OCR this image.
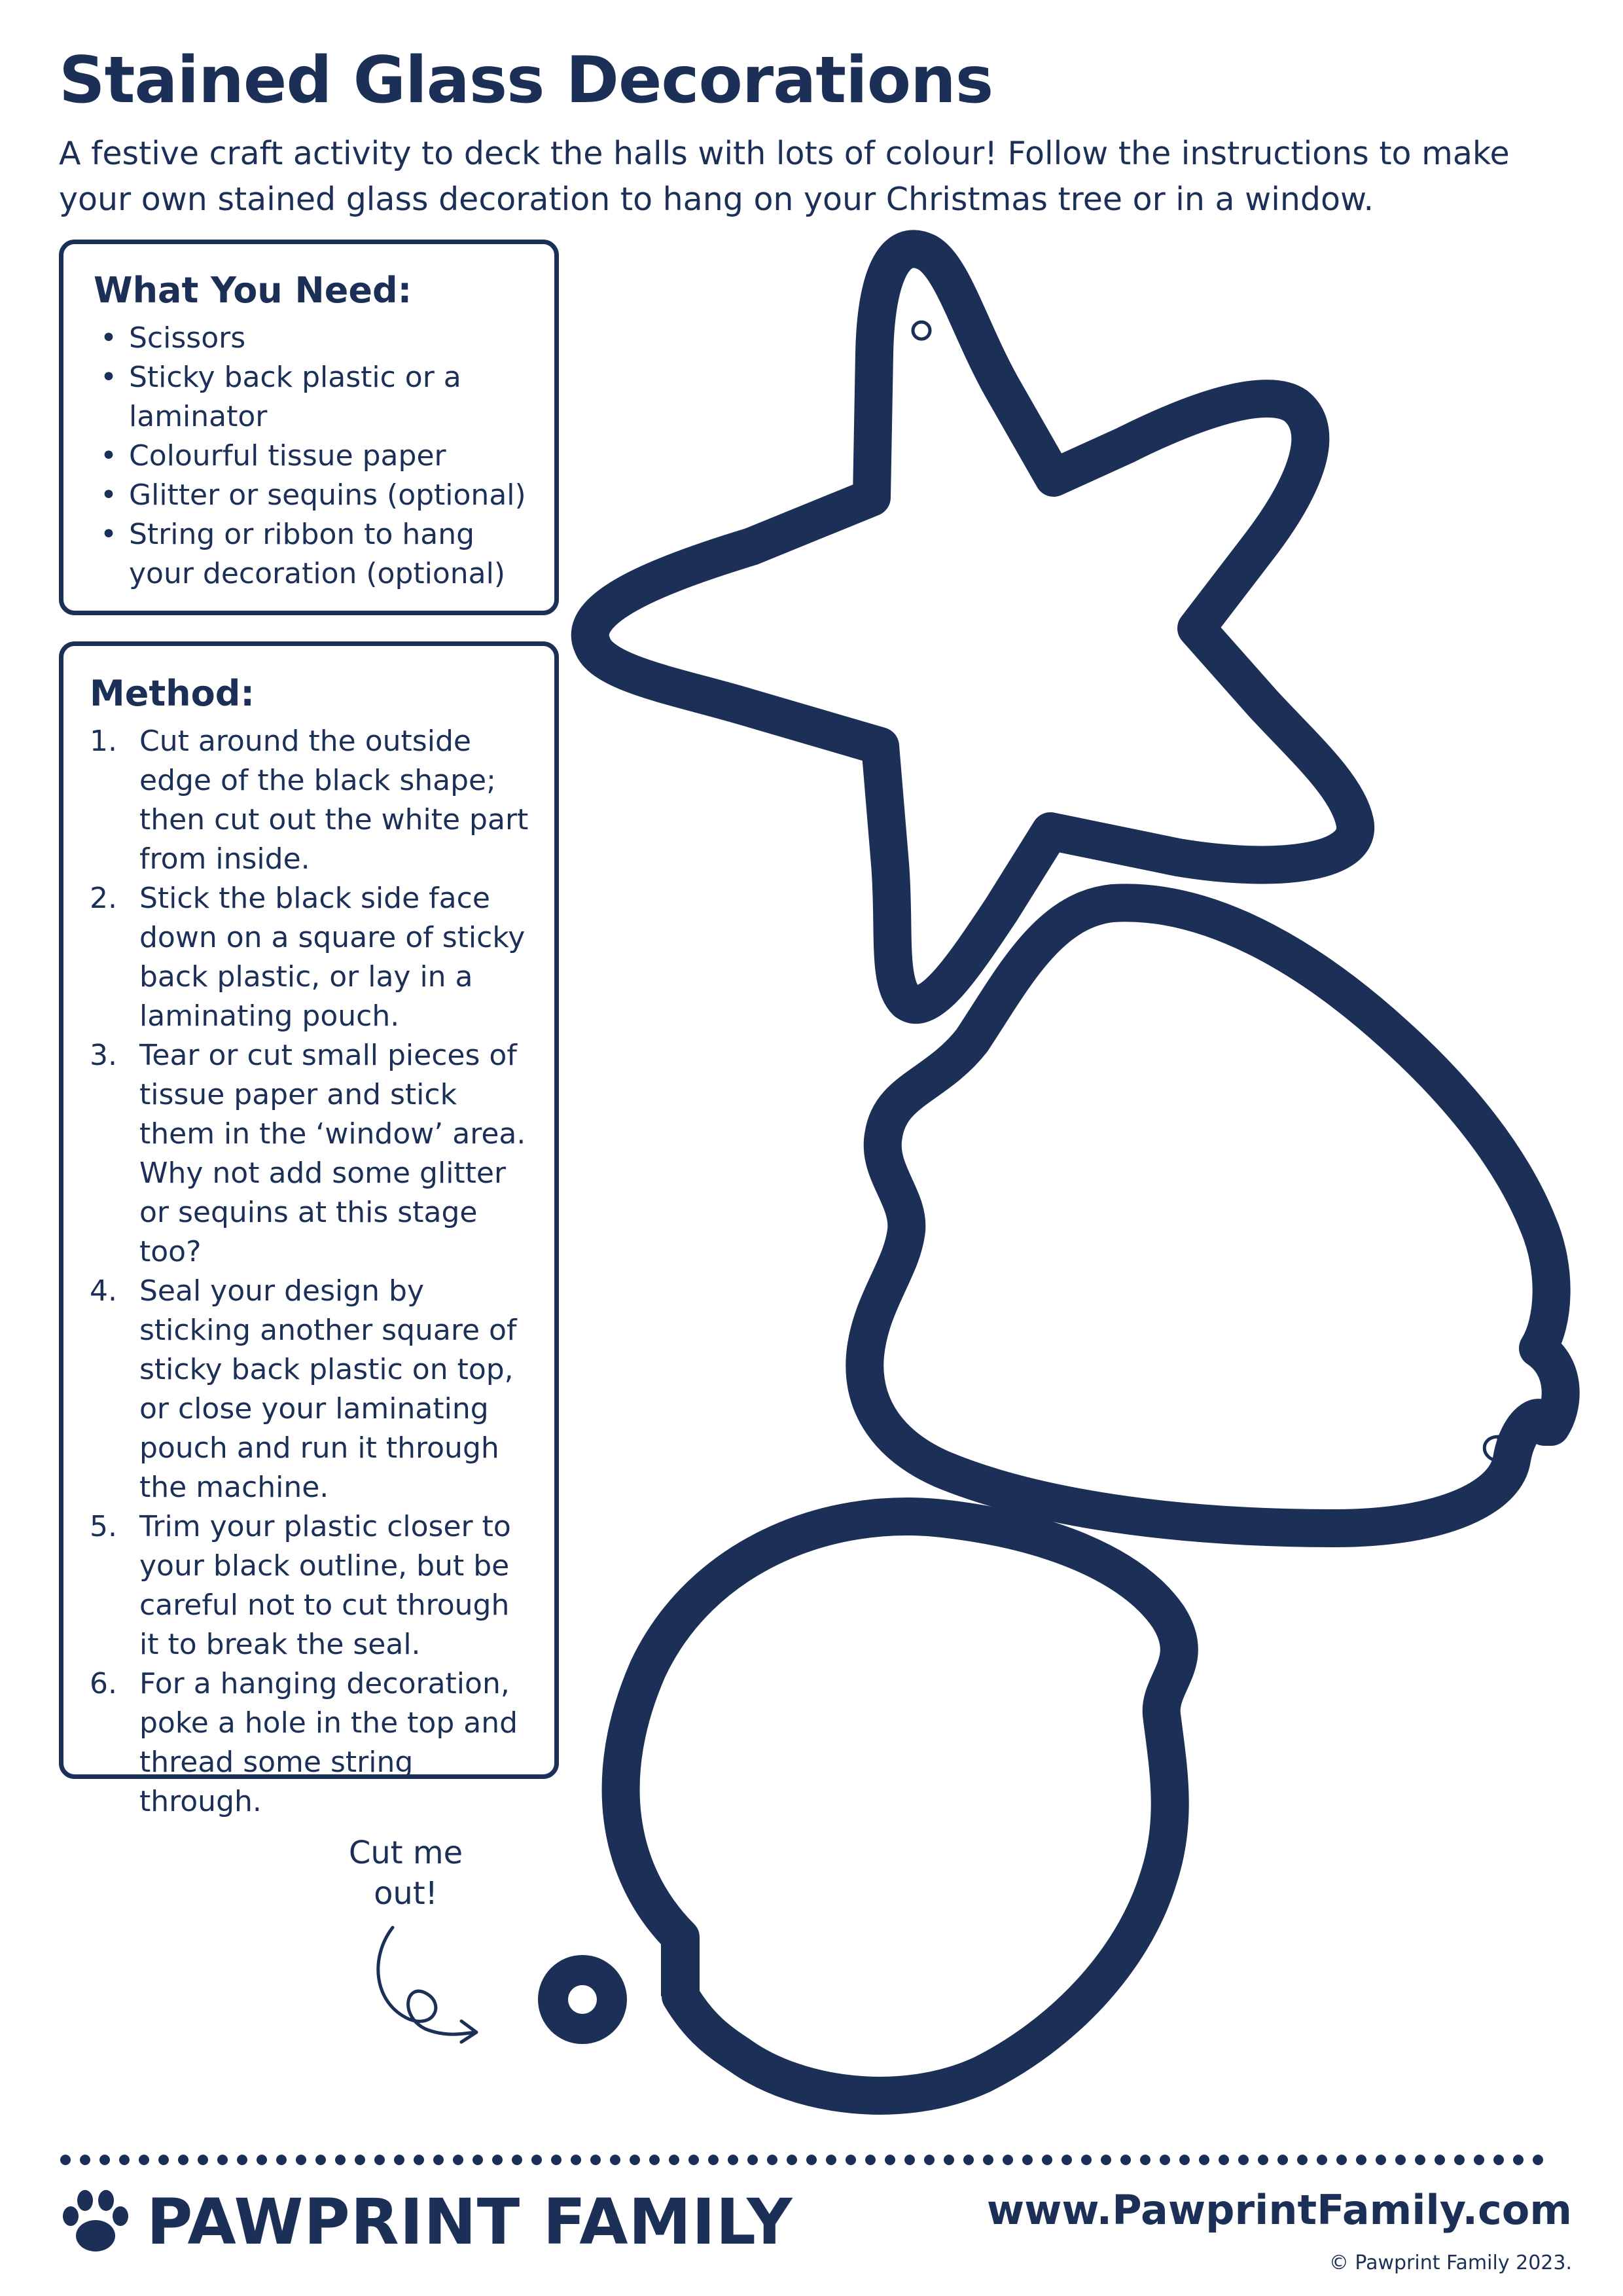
Stained Glass Decorations

A festive craft activity to deck the halls with lots of colour! Follow the instructions to make your own stained glass decoration to hang on your Christmas tree or in a window.

What You Need:
• Scissors
• Sticky back plastic or a laminator
• Colourful tissue paper
• Glitter or sequins (optional)
• String or ribbon to hang your decoration (optional)
Method:
1. Cut around the outside edge of the black shape; then cut out the white part from inside.
2. Stick the black side face down on a square of sticky back plastic, or lay in a laminating pouch.
3. Tear or cut small pieces of tissue paper and stick them in the ‘window’ area. Why not add some glitter or sequins at this stage too?
4. Seal your design by sticking another square of sticky back plastic on top, or close your laminating pouch and run it through the machine.
5. Trim your plastic closer to your black outline, but be careful not to cut through it to break the seal.
6. For a hanging decoration, poke a hole in the top and thread some string through.
Cut me
out!
PAWPRINT FAMILY	www.PawprintFamily.com
© Pawprint Family 2023.
